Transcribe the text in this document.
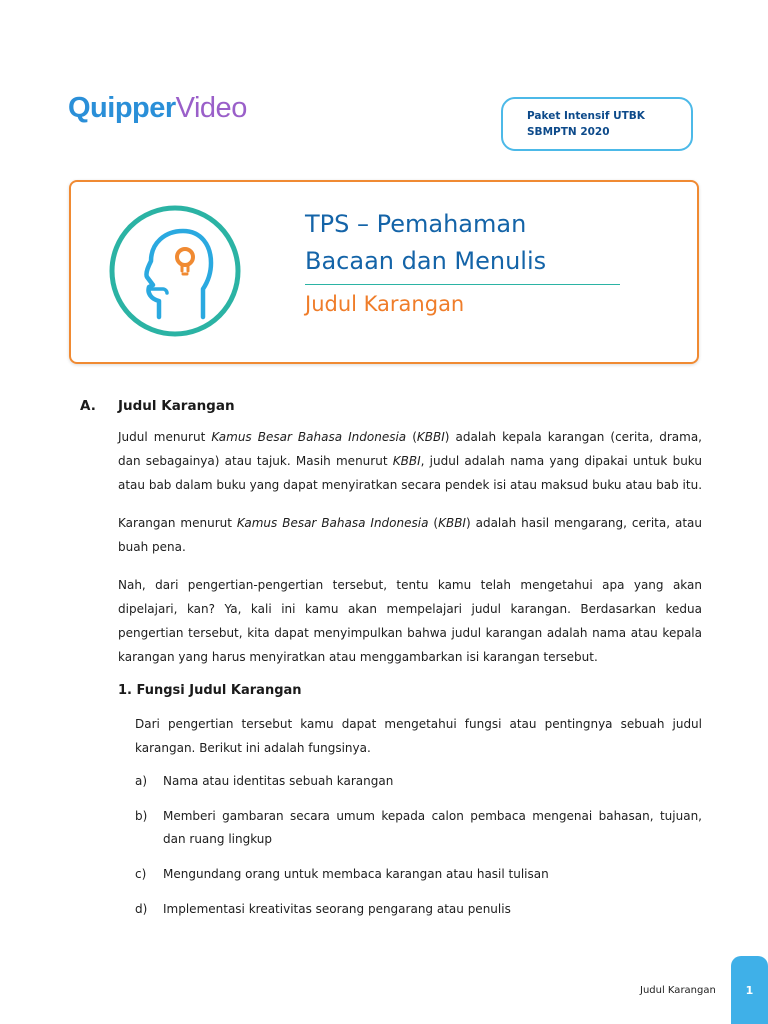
QuipperVideo	Paket Intensif UTBK
SBMPTN 2020
TPS – Pemahaman
Bacaan dan Menulis
Judul Karangan
A. Judul Karangan

Judul menurut Kamus Besar Bahasa Indonesia (KBBI) adalah kepala karangan (cerita, drama, dan sebagainya) atau tajuk. Masih menurut KBBI, judul adalah nama yang dipakai untuk buku atau bab dalam buku yang dapat menyiratkan secara pendek isi atau maksud buku atau bab itu.

Karangan menurut Kamus Besar Bahasa Indonesia (KBBI) adalah hasil mengarang, cerita, atau buah pena.

Nah, dari pengertian-pengertian tersebut, tentu kamu telah mengetahui apa yang akan dipelajari, kan? Ya, kali ini kamu akan mempelajari judul karangan. Berdasarkan kedua pengertian tersebut, kita dapat menyimpulkan bahwa judul karangan adalah nama atau kepala karangan yang harus menyiratkan atau menggambarkan isi karangan tersebut.

1. Fungsi Judul Karangan

Dari pengertian tersebut kamu dapat mengetahui fungsi atau pentingnya sebuah judul karangan. Berikut ini adalah fungsinya.

a)	Nama atau identitas sebuah karangan
b)	Memberi gambaran secara umum kepada calon pembaca mengenai bahasan, tujuan, dan ruang lingkup
c)	Mengundang orang untuk membaca karangan atau hasil tulisan
d)	Implementasi kreativitas seorang pengarang atau penulis
Judul Karangan	1
